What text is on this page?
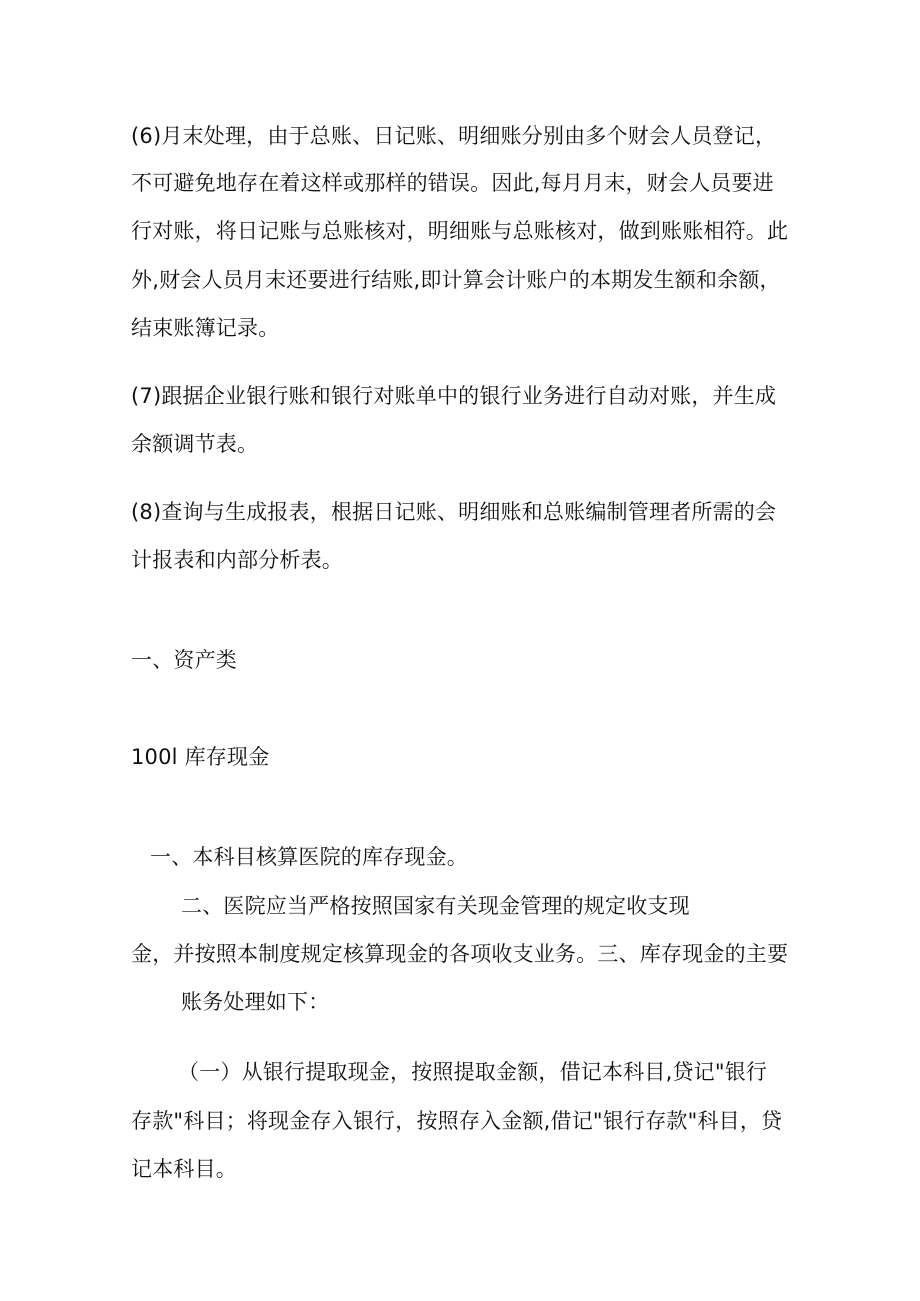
(6)月末处理，由于总账、日记账、明细账分别由多个财会人员登记，
不可避免地存在着这样或那样的错误。因此,每月月末，财会人员要进
行对账，将日记账与总账核对，明细账与总账核对，做到账账相符。此
外,财会人员月末还要进行结账,即计算会计账户的本期发生额和余额，
结束账簿记录。
(7)跟据企业银行账和银行对账单中的银行业务进行自动对账，并生成
余额调节表。
(8)查询与生成报表，根据日记账、明细账和总账编制管理者所需的会
计报表和内部分析表。
一、资产类
100l 库存现金
一、本科目核算医院的库存现金。
二、医院应当严格按照国家有关现金管理的规定收支现
金，并按照本制度规定核算现金的各项收支业务。三、库存现金的主要
账务处理如下：
（一）从银行提取现金，按照提取金额，借记本科目,贷记"银行
存款"科目；将现金存入银行，按照存入金额,借记"银行存款"科目，贷
记本科目。
